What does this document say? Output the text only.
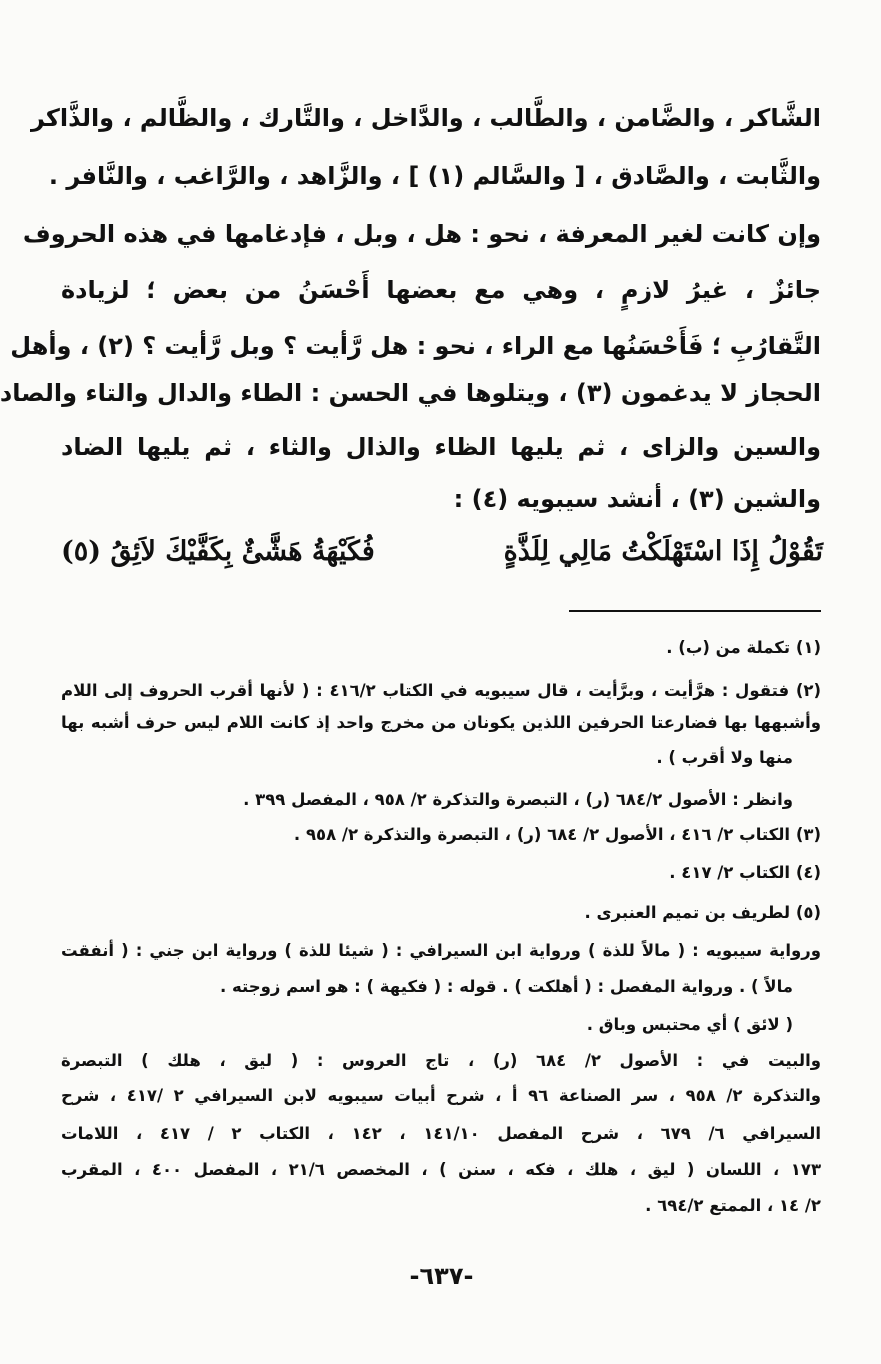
الشَّاكر ، والضَّامن ، والطَّالب ، والدَّاخل ، والتَّارك ، والظَّالم ، والذَّاكر
والثَّابت ، والصَّادق ، [ والسَّالم (١) ] ، والزَّاهد ، والرَّاغب ، والنَّافر .
وإن كانت لغير المعرفة ، نحو : هل ، وبل ، فإدغامها في هذه الحروف
جائزٌ ، غيرُ لازمٍ ، وهي مع بعضها أَحْسَنُ من بعض ؛ لزيادة
التَّقارُبِ ؛ فَأَحْسَنُها مع الراء ، نحو : هل رَّأيت ؟ وبل رَّأيت ؟ (٢) ، وأهل
الحجاز لا يدغمون (٣) ، ويتلوها في الحسن : الطاء والدال والتاء والصاد
والسين والزاى ، ثم يليها الظاء والذال والثاء ، ثم يليها الضاد
والشين (٣) ، أنشد سيبويه (٤) :
تَقُوْلُ إِذَا اسْتَهْلَكْتُ مَالِي لِلَذَّةٍ
فُكَيْهَةُ هَشَّئٌ بِكَفَّيْكَ لاَئِقُ (٥)
(١) تكملة من (ب) .
(٢) فتقول : هرَّأيت ، وبرَّأيت ، قال سيبويه في الكتاب ٤١٦/٢ : ( لأنها أقرب الحروف إلى اللام
وأشبهها بها فضارعتا الحرفين اللذين يكونان من مخرج واحد إذ كانت اللام ليس حرف أشبه بها
منها ولا أقرب ) .
وانظر : الأصول ٦٨٤/٢ (ر) ، التبصرة والتذكرة ٢/ ٩٥٨ ، المفصل ٣٩٩ .
(٣) الكتاب ٢/ ٤١٦ ، الأصول ٢/ ٦٨٤ (ر) ، التبصرة والتذكرة ٢/ ٩٥٨ .
(٤) الكتاب ٢/ ٤١٧ .
(٥) لطريف بن تميم العنبرى .
ورواية سيبويه : ( مالاً للذة ) ورواية ابن السيرافي : ( شيئا للذة ) ورواية ابن جني : ( أنفقت
مالاً ) . ورواية المفصل : ( أهلكت ) . قوله : ( فكيهة ) : هو اسم زوجته .
( لائق ) أي محتبس وباق .
والبيت في : الأصول ٢/ ٦٨٤ (ر) ، تاج العروس : ( ليق ، هلك ) التبصرة
والتذكرة ٢/ ٩٥٨ ، سر الصناعة ٩٦ أ ، شرح أبيات سيبويه لابن السيرافي ٢ /٤١٧ ، شرح
السيرافي ٦/ ٦٧٩ ، شرح المفصل ١٤١/١٠ ، ١٤٢ ، الكتاب ٢ / ٤١٧ ، اللامات
١٧٣ ، اللسان ( ليق ، هلك ، فكه ، سنن ) ، المخصص ٢١/٦ ، المفصل ٤٠٠ ، المقرب
٢/ ١٤ ، الممتع ٦٩٤/٢ .
-٦٣٧-
